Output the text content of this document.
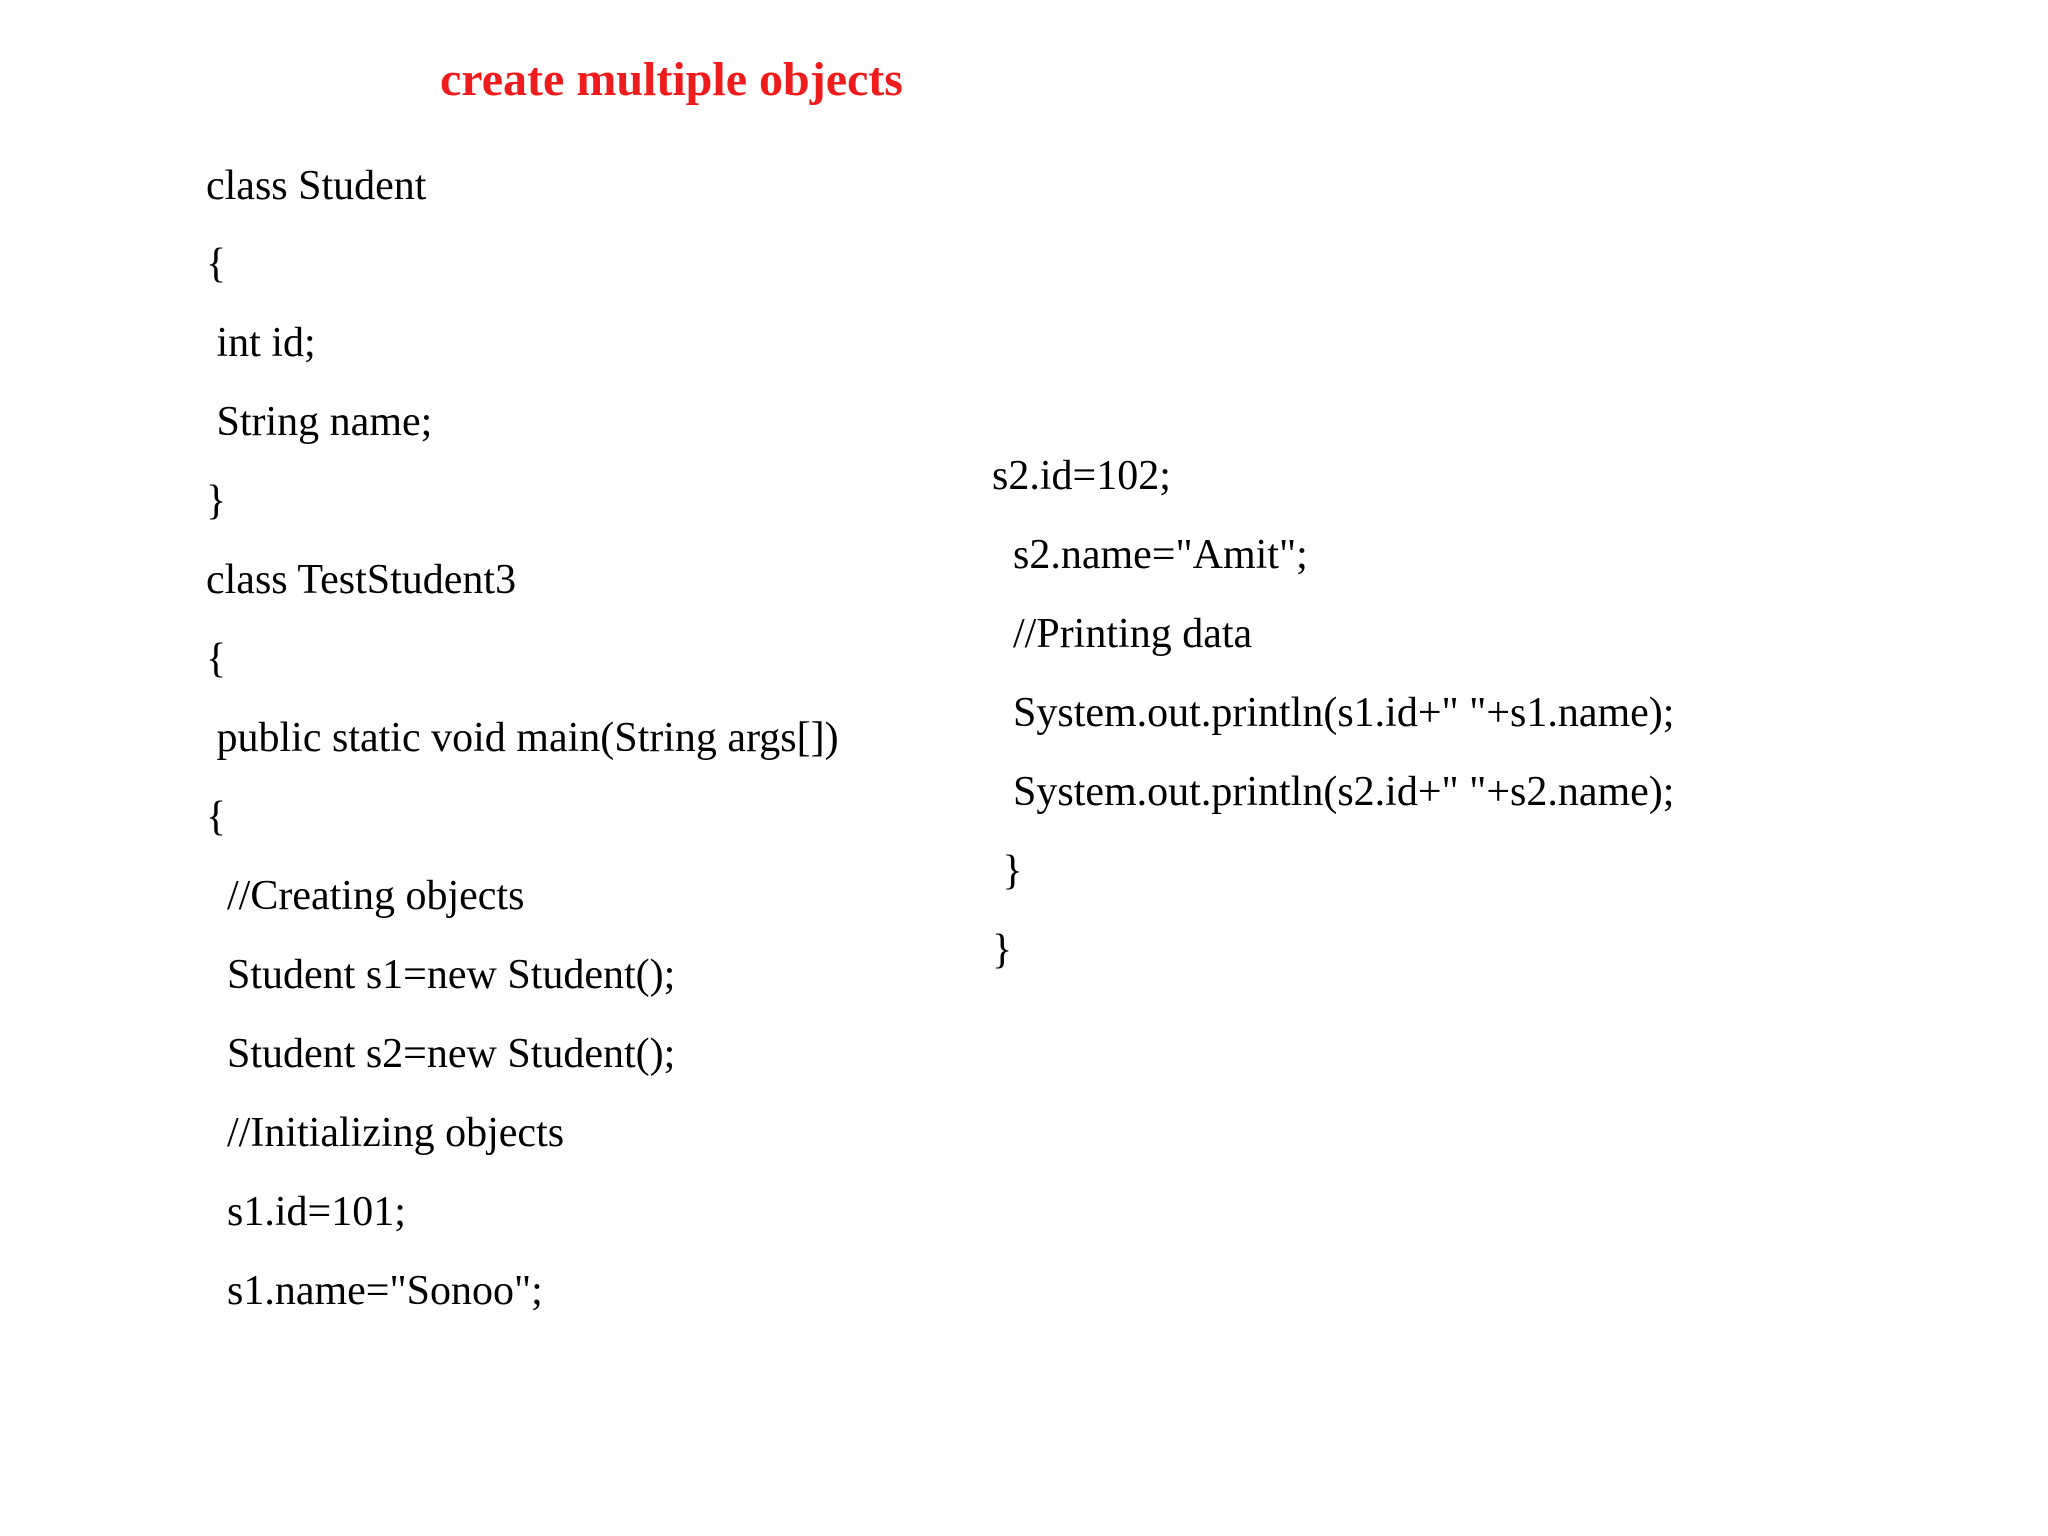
create multiple objects

class Student

{

int id;

String name;

}

class TestStudent3

{

public static void main(String args[])

{

//Creating objects

Student s1=new Student();

Student s2=new Student();

//Initializing objects

s1.id=101;

s1.name="Sonoo";

s2.id=102;

s2.name="Amit";

//Printing data

System.out.println(s1.id+" "+s1.name);

System.out.println(s2.id+" "+s2.name);

}

}
